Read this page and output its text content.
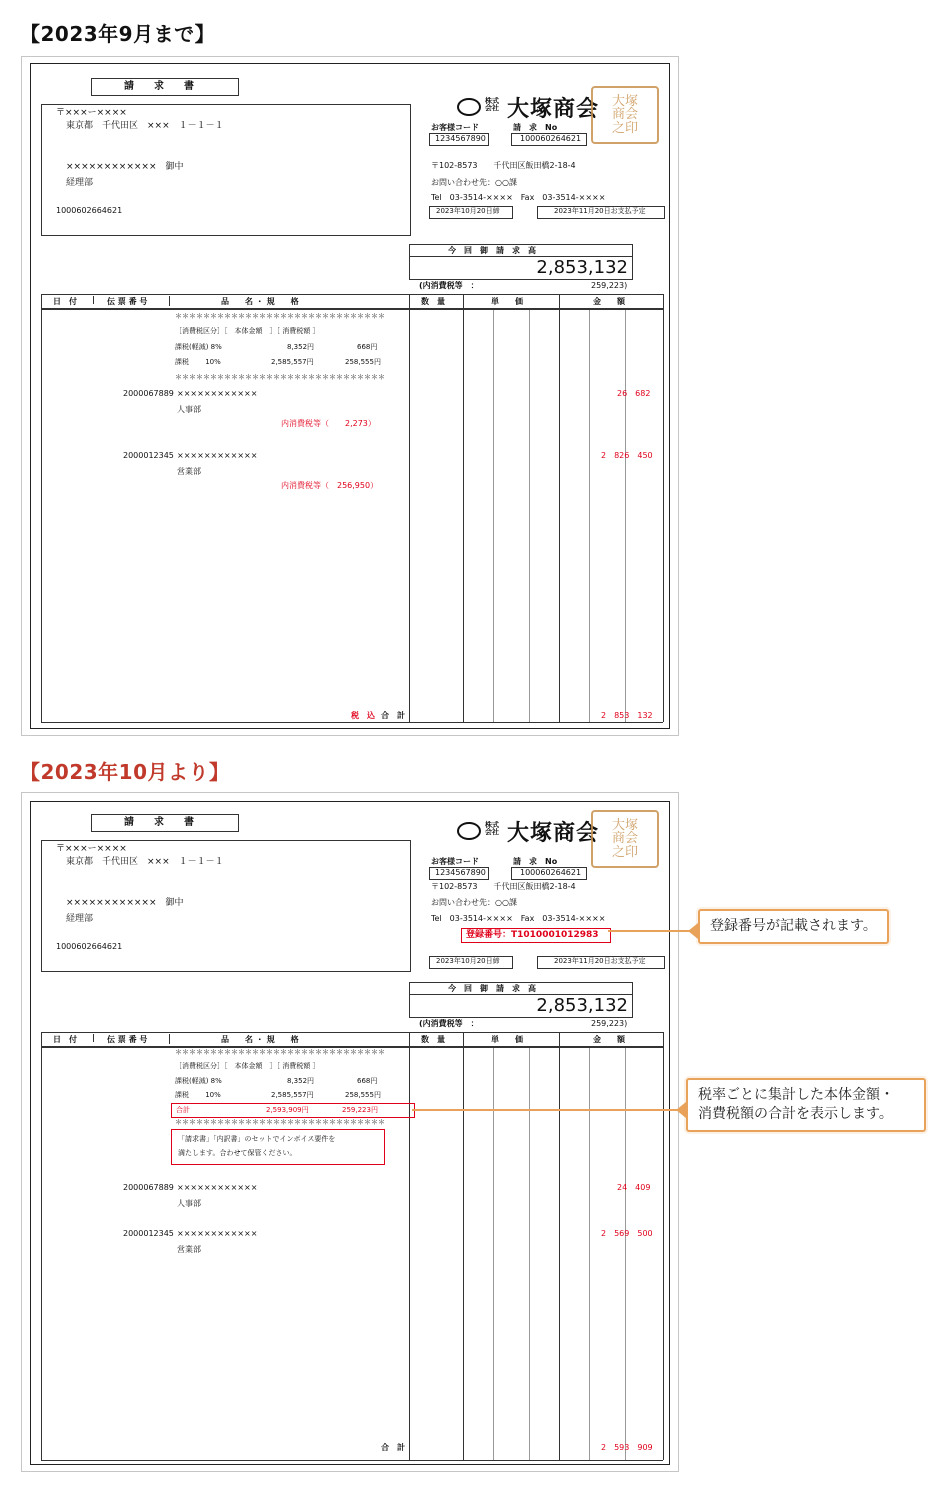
【2023年9月まで】
請　　求　　書
〒×××ー××××
東京都　千代田区　×××　１－１－１
××××××××××××　御中
経理部
1000602664621
株式
会社 大塚商会 大塚
商会
之印
お客様コード	請　求　No
1234567890	100060264621
〒102-8573　　千代田区飯田橋2-18-4
お問い合わせ先：○○課
Tel　03-3514-××××　Fax　03-3514-××××
2023年10月20日締	2023年11月20日お支払予定
今　回　御　請　求　高
2,853,132
(内消費税等　：	259,223)
日　付	伝 票 番 号	品　　名 ・ 規　　格	数　量	単　　価	金　　額
＊＊＊＊＊＊＊＊＊＊＊＊＊＊＊＊＊＊＊＊＊＊＊＊＊＊＊＊＊＊
［消費税区分］［　本体金額　］［ 消費税額 ］
課税(軽減) 8%	8,352円	668円
課税　　 10%	2,585,557円	258,555円
＊＊＊＊＊＊＊＊＊＊＊＊＊＊＊＊＊＊＊＊＊＊＊＊＊＊＊＊＊＊
2000067889 ××××××××××××
人事部
内消費税等（　　2,273）
26　682
2000012345 ××××××××××××
営業部
内消費税等（　256,950）
2　826　450
税　込 合　計	2　853　132
【2023年10月より】
請　　求　　書
〒×××ー××××
東京都　千代田区　×××　１－１－１
××××××××××××　御中
経理部
1000602664621
株式
会社 大塚商会 大塚
商会
之印
お客様コード	請　求　No
1234567890	100060264621
〒102-8573　　千代田区飯田橋2-18-4
お問い合わせ先：○○課
Tel　03-3514-××××　Fax　03-3514-××××
登録番号：T1010001012983
2023年10月20日締	2023年11月20日お支払予定
今　回　御　請　求　高
2,853,132
(内消費税等　：	259,223)
日　付	伝 票 番 号	品　　名 ・ 規　　格	数　量	単　　価	金　　額
＊＊＊＊＊＊＊＊＊＊＊＊＊＊＊＊＊＊＊＊＊＊＊＊＊＊＊＊＊＊
［消費税区分］［　本体金額　］［ 消費税額 ］
課税(軽減) 8%	8,352円	668円
課税　　 10%	2,585,557円	258,555円
合計	2,593,909円	259,223円
＊＊＊＊＊＊＊＊＊＊＊＊＊＊＊＊＊＊＊＊＊＊＊＊＊＊＊＊＊＊
「請求書」「内訳書」のセットでインボイス要件を
満たします。合わせて保管ください。
2000067889 ××××××××××××
人事部
24　409
2000012345 ××××××××××××
営業部
2　569　500
合　計	2　593　909
登録番号が記載されます。
税率ごとに集計した本体金額・
消費税額の合計を表示します。
